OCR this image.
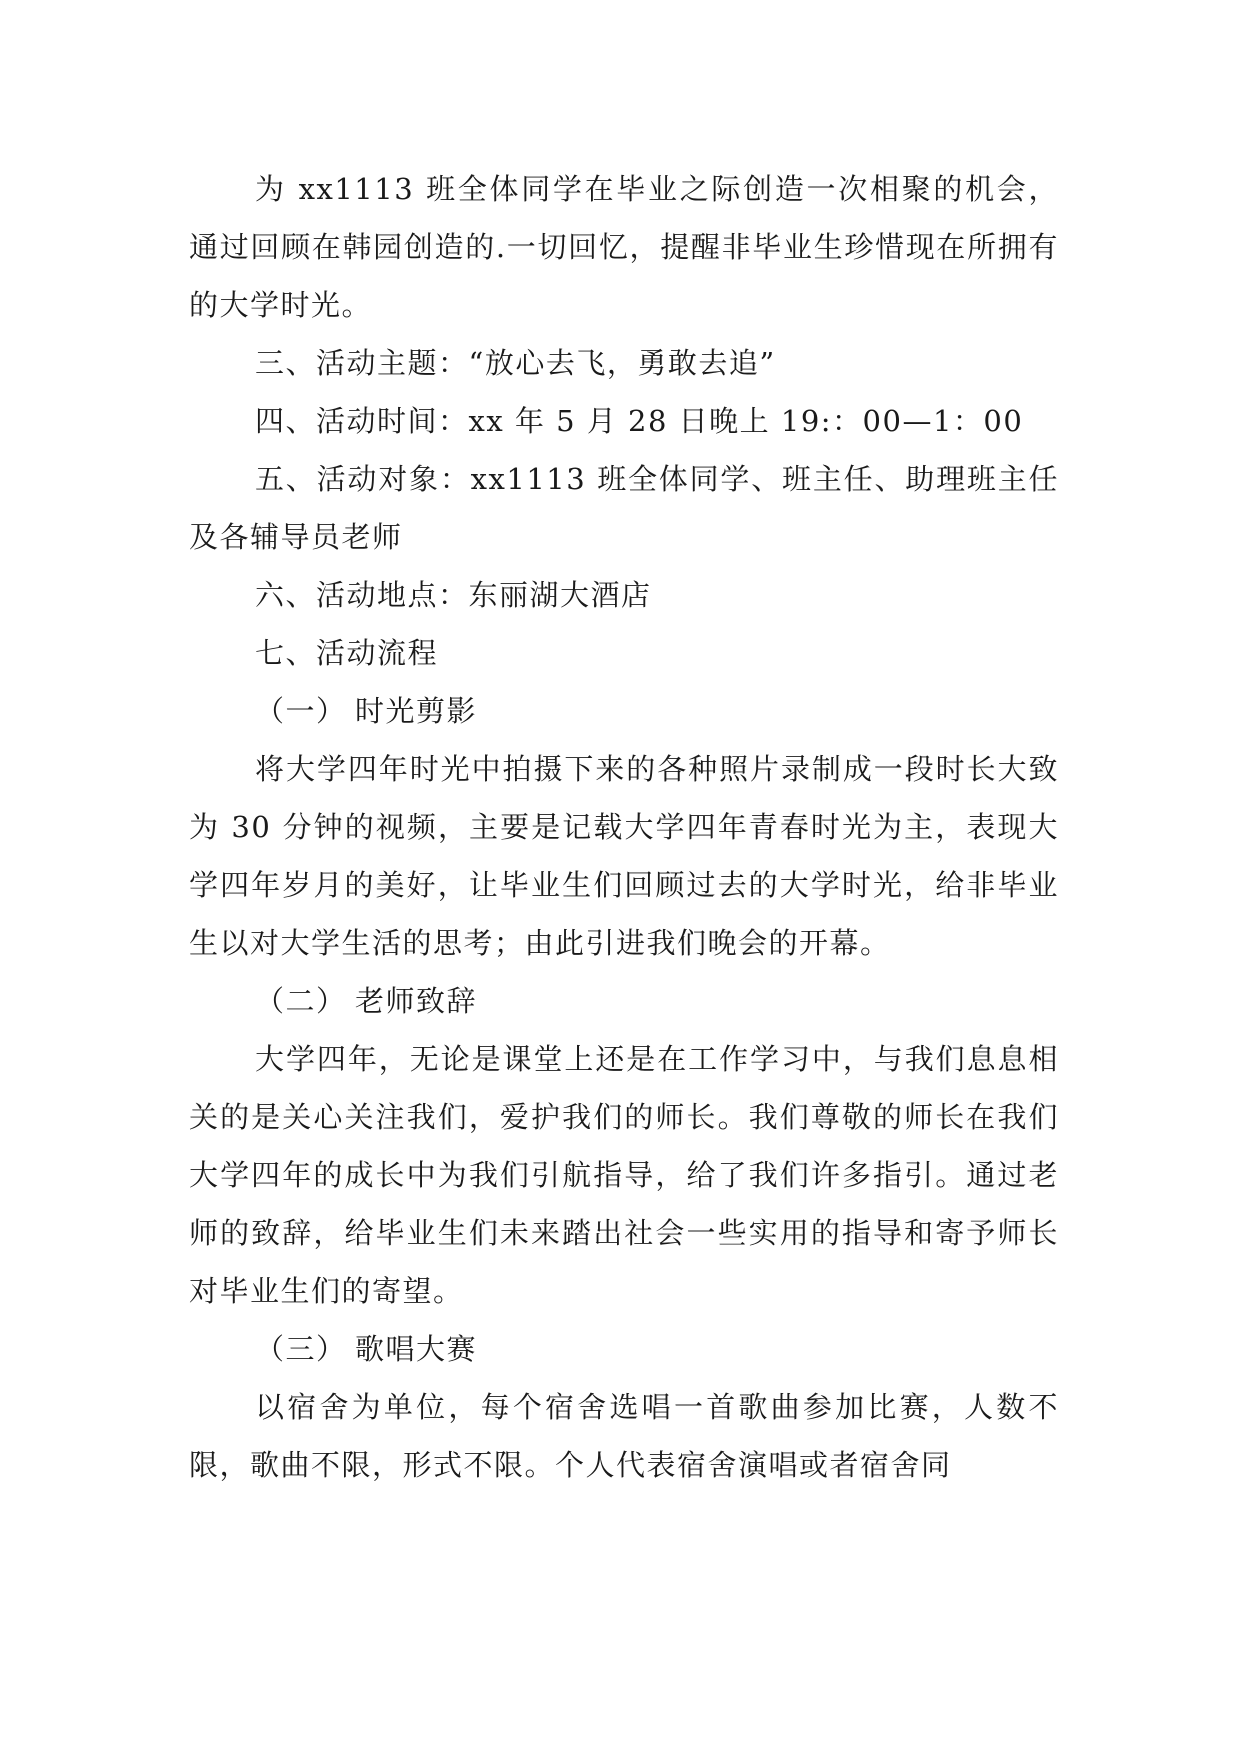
为 xx1113 班全体同学在毕业之际创造一次相聚的机会，通过回顾在韩园创造的.一切回忆，提醒非毕业生珍惜现在所拥有的大学时光。

三、活动主题：“放心去飞，勇敢去追”

四、活动时间：xx 年 5 月 28 日晚上 19:：00—1：00

五、活动对象：xx1113 班全体同学、班主任、助理班主任及各辅导员老师

六、活动地点：东丽湖大酒店

七、活动流程

（一） 时光剪影

将大学四年时光中拍摄下来的各种照片录制成一段时长大致为 30 分钟的视频，主要是记载大学四年青春时光为主，表现大学四年岁月的美好，让毕业生们回顾过去的大学时光，给非毕业生以对大学生活的思考；由此引进我们晚会的开幕。

（二） 老师致辞

大学四年，无论是课堂上还是在工作学习中，与我们息息相关的是关心关注我们，爱护我们的师长。我们尊敬的师长在我们大学四年的成长中为我们引航指导，给了我们许多指引。通过老师的致辞，给毕业生们未来踏出社会一些实用的指导和寄予师长对毕业生们的寄望。

（三） 歌唱大赛

以宿舍为单位，每个宿舍选唱一首歌曲参加比赛，人数不限，歌曲不限，形式不限。个人代表宿舍演唱或者宿舍同
